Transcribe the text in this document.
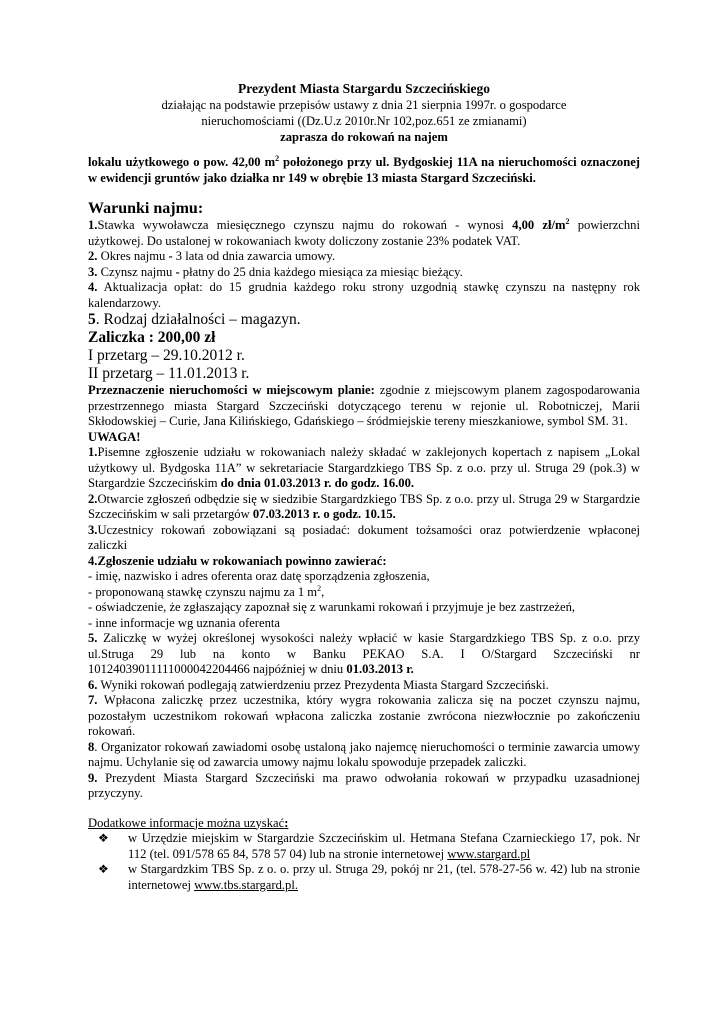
Prezydent Miasta Stargardu Szczecińskiego

działając na podstawie przepisów ustawy z dnia 21 sierpnia 1997r. o gospodarce

nieruchomościami ((Dz.U.z 2010r.Nr 102,poz.651 ze zmianami)

zaprasza do rokowań na najem

lokalu użytkowego o pow. 42,00 $m^2$ położonego przy ul. Bydgoskiej 11A na nieruchomości oznaczonej w ewidencji gruntów jako działka nr 149 w obrębie 13 miasta Stargard Szczeciński.

Warunki najmu:

1.Stawka wywoławcza miesięcznego czynszu najmu do rokowań - wynosi 4,00 $zł/m^2$ powierzchni użytkowej. Do ustalonej w rokowaniach kwoty doliczony zostanie 23% podatek VAT.

2. Okres najmu - 3 lata od dnia zawarcia umowy.

3. Czynsz najmu - płatny do 25 dnia każdego miesiąca za miesiąc bieżący.

4. Aktualizacja opłat: do 15 grudnia każdego roku strony uzgodnią stawkę czynszu na następny rok kalendarzowy.

5. Rodzaj działalności – magazyn.

Zaliczka : 200,00 zł

I przetarg – 29.10.2012 r.

II przetarg – 11.01.2013 r.

Przeznaczenie nieruchomości w miejscowym planie: zgodnie z miejscowym planem zagospodarowania przestrzennego miasta Stargard Szczeciński dotyczącego terenu w rejonie ul. Robotniczej, Marii Skłodowskiej – Curie, Jana Kilińskiego, Gdańskiego – śródmiejskie tereny mieszkaniowe, symbol SM. 31.

UWAGA!

1.Pisemne zgłoszenie udziału w rokowaniach należy składać w zaklejonych kopertach z napisem „Lokal użytkowy ul. Bydgoska 11A” w sekretariacie Stargardzkiego TBS Sp. z o.o. przy ul. Struga 29 (pok.3) w Stargardzie Szczecińskim do dnia 01.03.2013 r. do godz. 16.00.

2.Otwarcie zgłoszeń odbędzie się w siedzibie Stargardzkiego TBS Sp. z o.o. przy ul. Struga 29 w Stargardzie Szczecińskim w sali przetargów 07.03.2013 r. o godz. 10.15.

3.Uczestnicy rokowań zobowiązani są posiadać: dokument tożsamości oraz potwierdzenie wpłaconej zaliczki

4.Zgłoszenie udziału w rokowaniach powinno zawierać:

- imię, nazwisko i adres oferenta oraz datę sporządzenia zgłoszenia,

- proponowaną stawkę czynszu najmu za 1 $m^2$,

- oświadczenie, że zgłaszający zapoznał się z warunkami rokowań i przyjmuje je bez zastrzeżeń,

- inne informacje wg uznania oferenta

5. Zaliczkę w wyżej określonej wysokości należy wpłacić w kasie Stargardzkiego TBS Sp. z o.o. przy ul.Struga 29 lub na konto w Banku PEKAO S.A. I O/Stargard Szczeciński nr 10124039011111000042204466 najpóźniej w dniu 01.03.2013 r.

6. Wyniki rokowań podlegają zatwierdzeniu przez Prezydenta Miasta Stargard Szczeciński.

7. Wpłacona zaliczkę przez uczestnika, który wygra rokowania zalicza się na poczet czynszu najmu, pozostałym uczestnikom rokowań wpłacona zaliczka zostanie zwrócona niezwłocznie po zakończeniu rokowań.

8. Organizator rokowań zawiadomi osobę ustaloną jako najemcę nieruchomości o terminie zawarcia umowy najmu. Uchylanie się od zawarcia umowy najmu lokalu spowoduje przepadek zaliczki.

9. Prezydent Miasta Stargard Szczeciński ma prawo odwołania rokowań w przypadku uzasadnionej przyczyny.

Dodatkowe informacje można uzyskać:

❖ w Urzędzie miejskim w Stargardzie Szczecińskim ul. Hetmana Stefana Czarnieckiego 17, pok. Nr 112 (tel. 091/578 65 84, 578 57 04) lub na stronie internetowej www.stargard.pl
❖ w Stargardzkim TBS Sp. z o. o. przy ul. Struga 29, pokój nr 21, (tel. 578-27-56 w. 42) lub na stronie internetowej www.tbs.stargard.pl.
